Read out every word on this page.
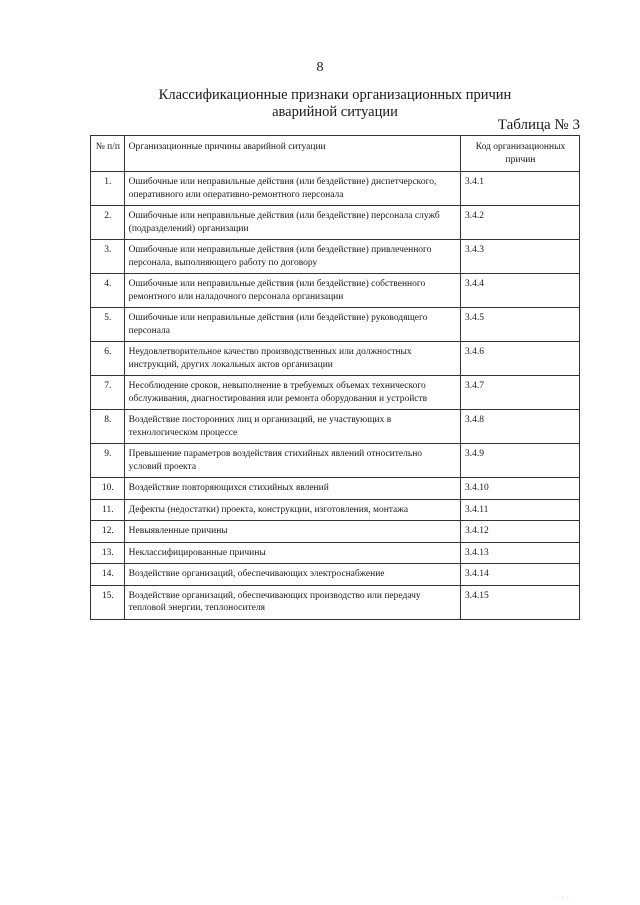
8
Классификационные признаки организационных причин аварийной ситуации
Таблица № 3
№ п/п	Организационные причины аварийной ситуации	Код организационных причин
1.	Ошибочные или неправильные действия (или бездействие) диспетчерского, оперативного или оперативно-ремонтного персонала	3.4.1
2.	Ошибочные или неправильные действия (или бездействие) персонала служб (подразделений) организации	3.4.2
3.	Ошибочные или неправильные действия (или бездействие) привлеченного персонала, выполняющего работу по договору	3.4.3
4.	Ошибочные или неправильные действия (или бездействие) собственного ремонтного или наладочного персонала организации	3.4.4
5.	Ошибочные или неправильные действия (или бездействие) руководящего персонала	3.4.5
6.	Неудовлетворительное качество производственных или должностных инструкций, других локальных актов организации	3.4.6
7.	Несоблюдение сроков, невыполнение в требуемых объемах технического обслуживания, диагностирования или ремонта оборудования и устройств	3.4.7
8.	Воздействие посторонних лиц и организаций, не участвующих в технологическом процессе	3.4.8
9.	Превышение параметров воздействия стихийных явлений относительно условий проекта	3.4.9
10.	Воздействие повторяющихся стихийных явлений	3.4.10
11.	Дефекты (недостатки) проекта, конструкции, изготовления, монтажа	3.4.11
12.	Невыявленные причины	3.4.12
13.	Неклассифицированные причины	3.4.13
14.	Воздействие организаций, обеспечивающих электроснабжение	3.4.14
15.	Воздействие организаций, обеспечивающих производство или передачу тепловой энергии, теплоносителя	3.4.15
· · ·
